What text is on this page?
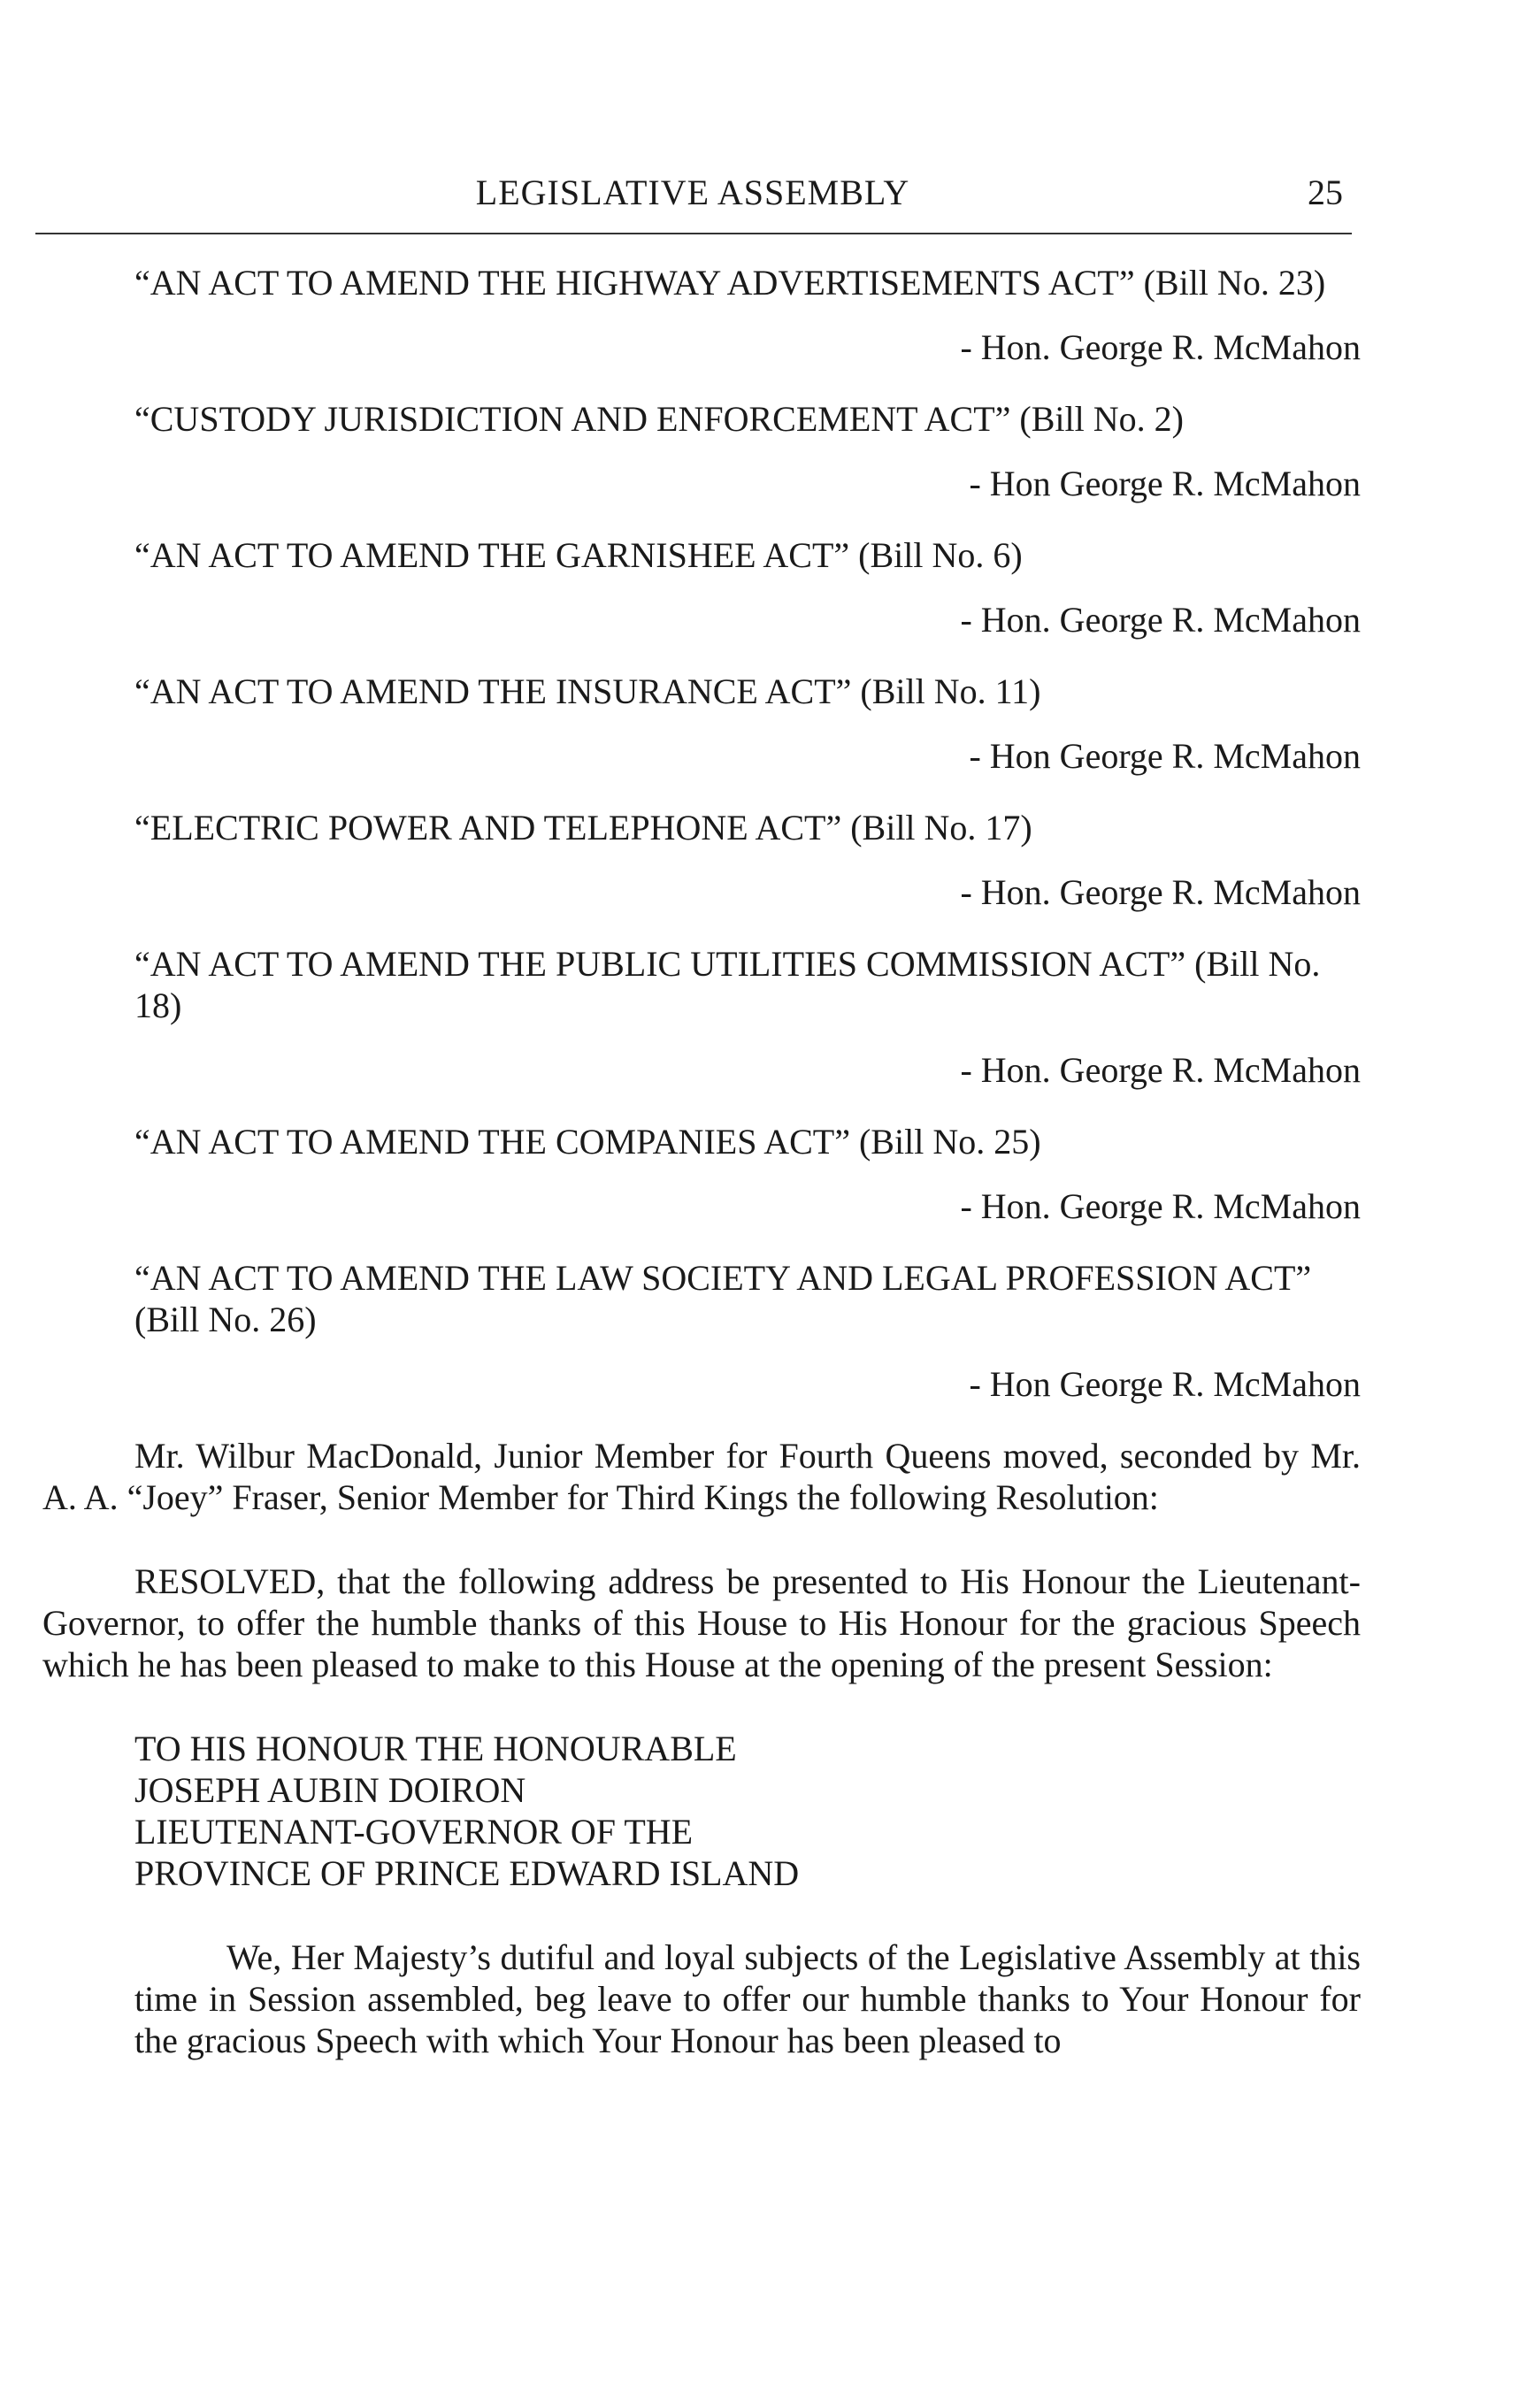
LEGISLATIVE ASSEMBLY	25

“AN ACT TO AMEND THE HIGHWAY ADVERTISEMENTS ACT” (Bill No. 23)

- Hon. George R. McMahon

“CUSTODY JURISDICTION AND ENFORCEMENT ACT” (Bill No. 2)

- Hon George R. McMahon

“AN ACT TO AMEND THE GARNISHEE ACT” (Bill No. 6)

- Hon. George R. McMahon

“AN ACT TO AMEND THE INSURANCE ACT” (Bill No. 11)

- Hon George R. McMahon

“ELECTRIC POWER AND TELEPHONE ACT” (Bill No. 17)

- Hon. George R. McMahon

“AN ACT TO AMEND THE PUBLIC UTILITIES COMMISSION ACT” (Bill No. 18)

- Hon. George R. McMahon

“AN ACT TO AMEND THE COMPANIES ACT” (Bill No. 25)

- Hon. George R. McMahon

“AN ACT TO AMEND THE LAW SOCIETY AND LEGAL PROFESSION ACT” (Bill No. 26)

- Hon George R. McMahon

Mr. Wilbur MacDonald, Junior Member for Fourth Queens moved, seconded by Mr. A. A. “Joey” Fraser, Senior Member for Third Kings the following Resolution:

RESOLVED, that the following address be presented to His Honour the Lieutenant-Governor, to offer the humble thanks of this House to His Honour for the gracious Speech which he has been pleased to make to this House at the opening of the present Session:

TO HIS HONOUR THE HONOURABLE
JOSEPH AUBIN DOIRON
LIEUTENANT-GOVERNOR OF THE
PROVINCE OF PRINCE EDWARD ISLAND

We, Her Majesty’s dutiful and loyal subjects of the Legislative Assembly at this time in Session assembled, beg leave to offer our humble thanks to Your Honour for the gracious Speech with which Your Honour has been pleased to
